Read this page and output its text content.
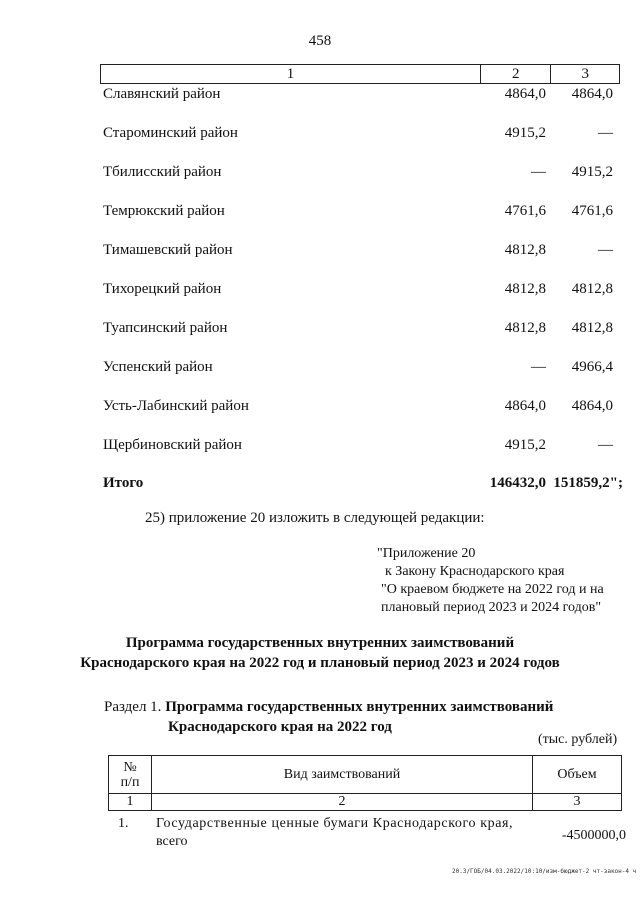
458
1	2	3
Славянский район	4864,0 4864,0
Староминский район	4915,2	—
Тбилисский район	— 4915,2
Темрюкский район	4761,6 4761,6
Тимашевский район	4812,8	—
Тихорецкий район	4812,8 4812,8
Туапсинский район	4812,8 4812,8
Успенский район	— 4966,4
Усть-Лабинский район	4864,0 4864,0
Щербиновский район	4915,2	—
Итого	146432,0 151859,2";
25) приложение 20 изложить в следующей редакции:
"Приложение 20
к Закону Краснодарского края
"О краевом бюджете на 2022 год и на
плановый период 2023 и 2024 годов"
Программа государственных внутренних заимствований
Краснодарского края на 2022 год и плановый период 2023 и 2024 годов
Раздел 1. Программа государственных внутренних заимствований
Краснодарского края на 2022 год
(тыс. рублей)
№
п/п	Вид заимствований	Объем
1	2	3
1.	Государственные ценные бумаги Краснодарского края,
всего	-4500000,0
20.3/ГОБ/04.03.2022/10:10/изм-бюджет-2 чт-закон-4 ч
